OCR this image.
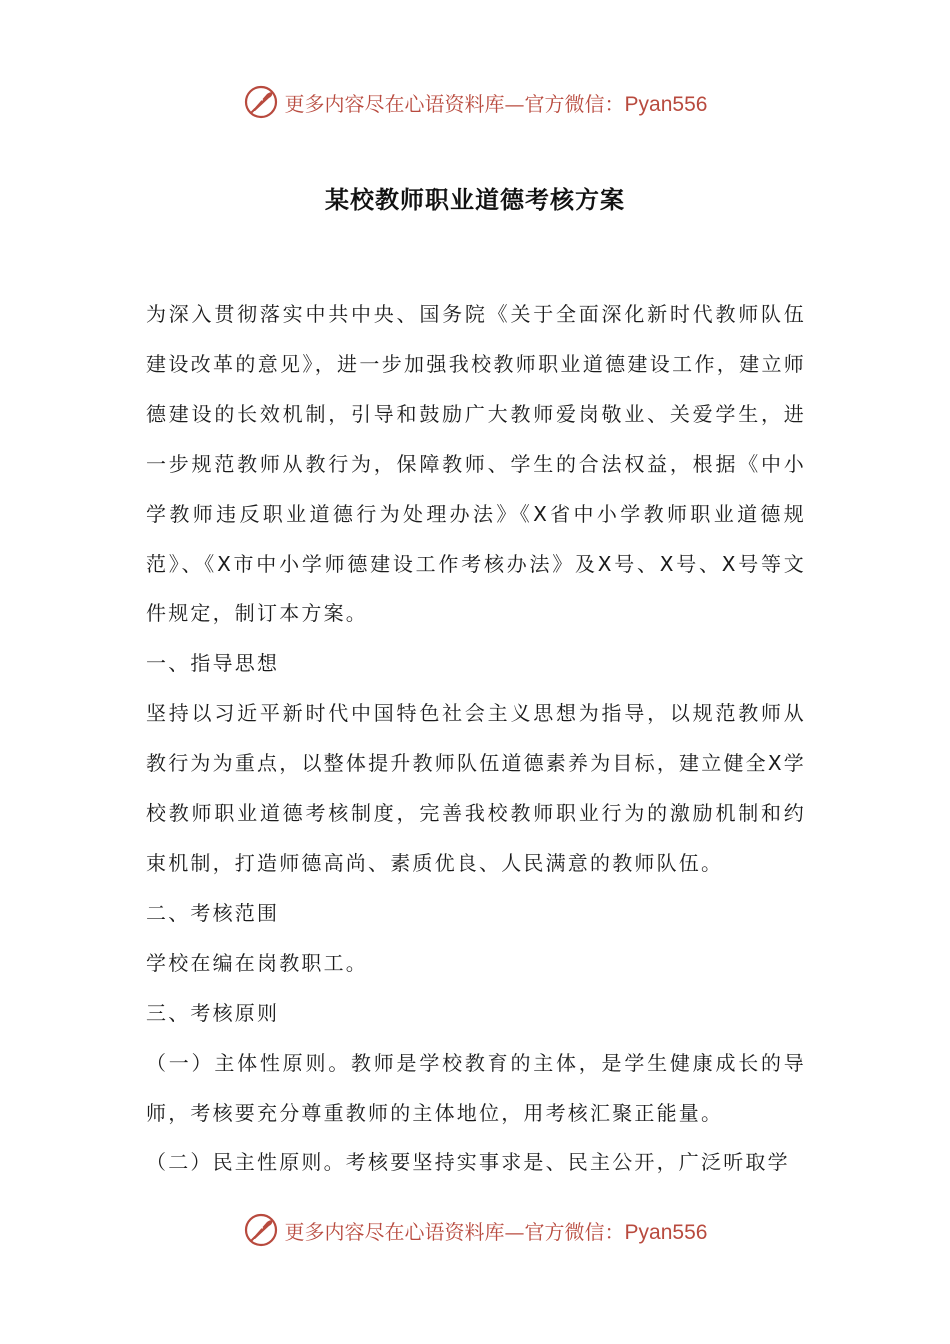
更多内容尽在心语资料库—官方微信：Pyan556
某校教师职业道德考核方案

为深入贯彻落实中共中央、国务院《关于全面深化新时代教师队伍建设改革的意见》，进一步加强我校教师职业道德建设工作，建立师德建设的长效机制，引导和鼓励广大教师爱岗敬业、关爱学生，进一步规范教师从教行为，保障教师、学生的合法权益，根据《中小学教师违反职业道德行为处理办法》《X省中小学教师职业道德规范》、《X市中小学师德建设工作考核办法》及X号、X号、X号等文件规定，制订本方案。

一、指导思想

坚持以习近平新时代中国特色社会主义思想为指导，以规范教师从教行为为重点，以整体提升教师队伍道德素养为目标，建立健全X学校教师职业道德考核制度，完善我校教师职业行为的激励机制和约束机制，打造师德高尚、素质优良、人民满意的教师队伍。

二、考核范围

学校在编在岗教职工。

三、考核原则

（一）主体性原则。教师是学校教育的主体，是学生健康成长的导师，考核要充分尊重教师的主体地位，用考核汇聚正能量。

（二）民主性原则。考核要坚持实事求是、民主公开，广泛听取学

更多内容尽在心语资料库—官方微信：Pyan556
